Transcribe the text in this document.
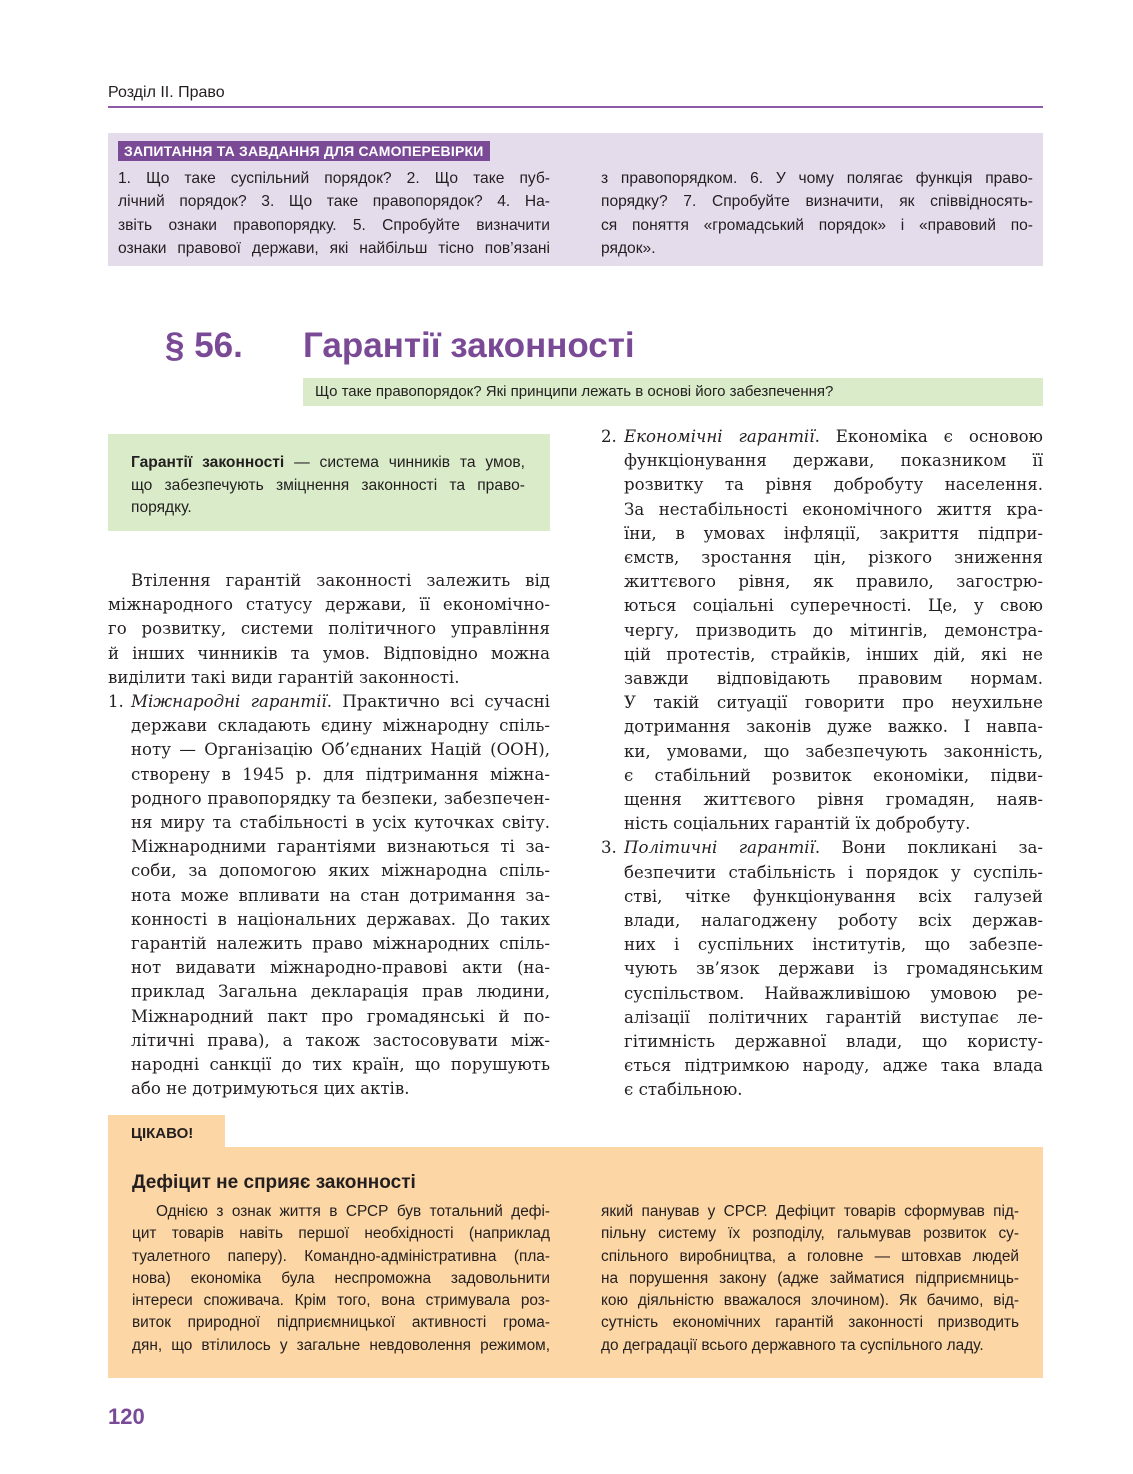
Розділ ІІ. Право
ЗАПИТАННЯ ТА ЗАВДАННЯ ДЛЯ САМОПЕРЕВІРКИ
1. Що таке суспільний порядок? 2. Що таке пуб-
лічний порядок? 3. Що таке правопорядок? 4. На-
звіть ознаки правопорядку. 5. Спробуйте визначити
ознаки правової держави, які найбільш тісно пов’язані
з правопорядком. 6. У чому полягає функція право-
порядку? 7. Спробуйте визначити, як співвідносять-
ся поняття «громадський порядок» і «правовий по-
рядок».
§ 56. Гарантії законності
Що таке правопорядок? Які принципи лежать в основі його забезпечення?
Гарантії законності — система чинників та умов,
що забезпечують зміцнення законності та право-
порядку.
Втілення гарантій законності залежить від
міжнародного статусу держави, її економічно-
го розвитку, системи політичного управління
й інших чинників та умов. Відповідно можна
виділити такі види гарантій законності.
1. Міжнародні гарантії. Практично всі сучасні
держави складають єдину міжнародну спіль-
ноту — Організацію Об’єднаних Націй (ООН),
створену в 1945 р. для підтримання міжна-
родного правопорядку та безпеки, забезпечен-
ня миру та стабільності в усіх куточках світу.
Міжнародними гарантіями визнаються ті за-
соби, за допомогою яких міжнародна спіль-
нота може впливати на стан дотримання за-
конності в національних державах. До таких
гарантій належить право міжнародних спіль-
нот видавати міжнародно-правові акти (на-
приклад Загальна декларація прав людини,
Міжнародний пакт про громадянські й по-
літичні права), а також застосовувати між-
народні санкції до тих країн, що порушують
або не дотримуються цих актів.
2. Економічні гарантії. Економіка є основою
функціонування держави, показником її
розвитку та рівня добробуту населення.
За нестабільності економічного життя кра-
їни, в умовах інфляції, закриття підпри-
ємств, зростання цін, різкого зниження
життєвого рівня, як правило, загострю-
ються соціальні суперечності. Це, у свою
чергу, призводить до мітингів, демонстра-
цій протестів, страйків, інших дій, які не
завжди відповідають правовим нормам.
У такій ситуації говорити про неухильне
дотримання законів дуже важко. І навпа-
ки, умовами, що забезпечують законність,
є стабільний розвиток економіки, підви-
щення життєвого рівня громадян, наяв-
ність соціальних гарантій їх добробуту.
3. Політичні гарантії. Вони покликані за-
безпечити стабільність і порядок у суспіль-
стві, чітке функціонування всіх галузей
влади, налагоджену роботу всіх держав-
них і суспільних інститутів, що забезпе-
чують зв’язок держави із громадянським
суспільством. Найважливішою умовою ре-
алізації політичних гарантій виступає ле-
гітимність державної влади, що користу-
ється підтримкою народу, адже така влада
є стабільною.
ЦІКАВО!
Дефіцит не сприяє законності
Однією з ознак життя в СРСР був тотальний дефі-
цит товарів навіть першої необхідності (наприклад
туалетного паперу). Командно-адміністративна (пла-
нова) економіка була неспроможна задовольнити
інтереси споживача. Крім того, вона стримувала роз-
виток природної підприємницької активності грома-
дян, що втілилось у загальне невдоволення режимом,
який панував у СРСР. Дефіцит товарів сформував під-
пільну систему їх розподілу, гальмував розвиток су-
спільного виробництва, а головне — штовхав людей
на порушення закону (адже займатися підприємниць-
кою діяльністю вважалося злочином). Як бачимо, від-
сутність економічних гарантій законності призводить
до деградації всього державного та суспільного ладу.
120
